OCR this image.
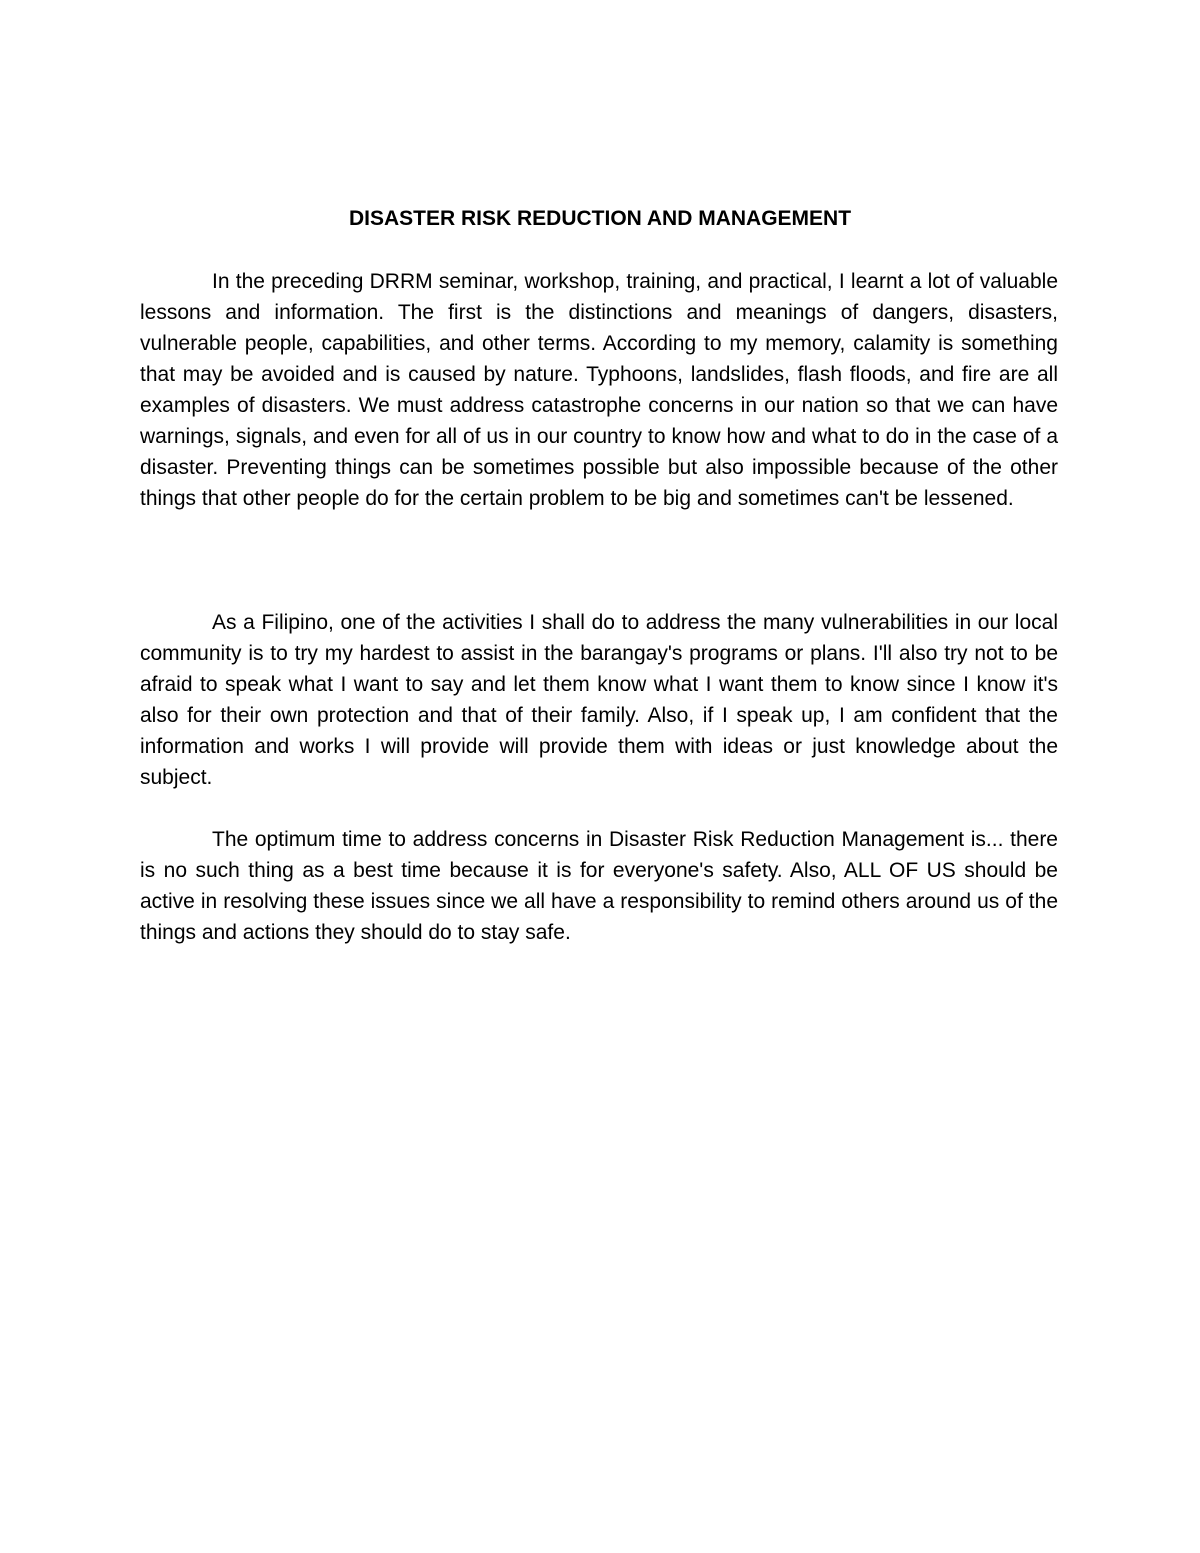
DISASTER RISK REDUCTION AND MANAGEMENT

In the preceding DRRM seminar, workshop, training, and practical, I learnt a lot of valuable lessons and information. The first is the distinctions and meanings of dangers, disasters, vulnerable people, capabilities, and other terms. According to my memory, calamity is something that may be avoided and is caused by nature. Typhoons, landslides, flash floods, and fire are all examples of disasters. We must address catastrophe concerns in our nation so that we can have warnings, signals, and even for all of us in our country to know how and what to do in the case of a disaster. Preventing things can be sometimes possible but also impossible because of the other things that other people do for the certain problem to be big and sometimes can't be lessened.

As a Filipino, one of the activities I shall do to address the many vulnerabilities in our local community is to try my hardest to assist in the barangay's programs or plans. I'll also try not to be afraid to speak what I want to say and let them know what I want them to know since I know it's also for their own protection and that of their family. Also, if I speak up, I am confident that the information and works I will provide will provide them with ideas or just knowledge about the subject.

The optimum time to address concerns in Disaster Risk Reduction Management is... there is no such thing as a best time because it is for everyone's safety. Also, ALL OF US should be active in resolving these issues since we all have a responsibility to remind others around us of the things and actions they should do to stay safe.
